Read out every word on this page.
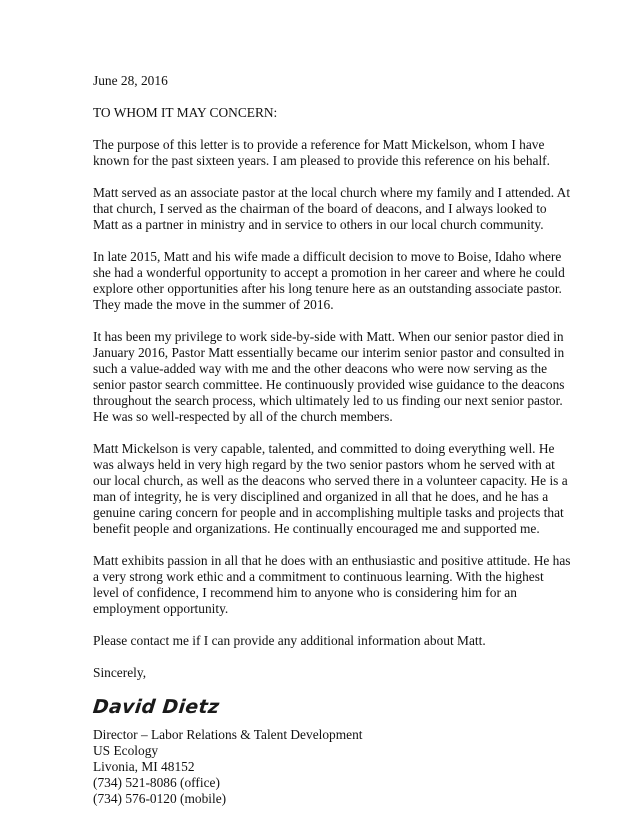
June 28, 2016

TO WHOM IT MAY CONCERN:

The purpose of this letter is to provide a reference for Matt Mickelson, whom I have known for the past sixteen years. I am pleased to provide this reference on his behalf.

Matt served as an associate pastor at the local church where my family and I attended. At that church, I served as the chairman of the board of deacons, and I always looked to Matt as a partner in ministry and in service to others in our local church community.

In late 2015, Matt and his wife made a difficult decision to move to Boise, Idaho where she had a wonderful opportunity to accept a promotion in her career and where he could explore other opportunities after his long tenure here as an outstanding associate pastor. They made the move in the summer of 2016.

It has been my privilege to work side-by-side with Matt. When our senior pastor died in January 2016, Pastor Matt essentially became our interim senior pastor and consulted in such a value-added way with me and the other deacons who were now serving as the senior pastor search committee. He continuously provided wise guidance to the deacons throughout the search process, which ultimately led to us finding our next senior pastor. He was so well-respected by all of the church members.

Matt Mickelson is very capable, talented, and committed to doing everything well. He was always held in very high regard by the two senior pastors whom he served with at our local church, as well as the deacons who served there in a volunteer capacity. He is a man of integrity, he is very disciplined and organized in all that he does, and he has a genuine caring concern for people and in accomplishing multiple tasks and projects that benefit people and organizations. He continually encouraged me and supported me.

Matt exhibits passion in all that he does with an enthusiastic and positive attitude. He has a very strong work ethic and a commitment to continuous learning. With the highest level of confidence, I recommend him to anyone who is considering him for an employment opportunity.

Please contact me if I can provide any additional information about Matt.

Sincerely,

David Dietz
Director – Labor Relations & Talent Development
US Ecology
Livonia, MI 48152
(734) 521-8086 (office)
(734) 576-0120 (mobile)
